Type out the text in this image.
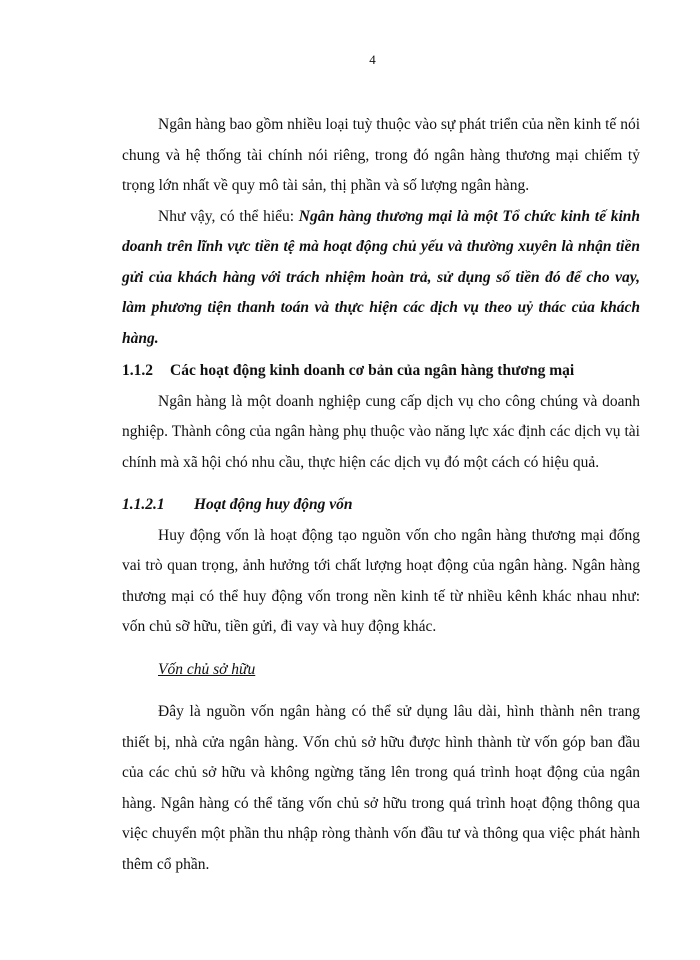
4

Ngân hàng bao gồm nhiều loại tuỳ thuộc vào sự phát triển của nền kinh tế nói chung và hệ thống tài chính nói riêng, trong đó ngân hàng thương mại chiếm tỷ trọng lớn nhất về quy mô tài sản, thị phần và số lượng ngân hàng.

Như vậy, có thể hiểu: Ngân hàng thương mại là một Tổ chức kinh tế kinh doanh trên lĩnh vực tiền tệ mà hoạt động chủ yếu và thường xuyên là nhận tiền gửi của khách hàng với trách nhiệm hoàn trả, sử dụng số tiền đó để cho vay, làm phương tiện thanh toán và thực hiện các dịch vụ theo uỷ thác của khách hàng.

1.1.2 Các hoạt động kinh doanh cơ bản của ngân hàng thương mại

Ngân hàng là một doanh nghiệp cung cấp dịch vụ cho công chúng và doanh nghiệp. Thành công của ngân hàng phụ thuộc vào năng lực xác định các dịch vụ tài chính mà xã hội chó nhu cầu, thực hiện các dịch vụ đó một cách có hiệu quả.

1.1.2.1 Hoạt động huy động vốn

Huy động vốn là hoạt động tạo nguồn vốn cho ngân hàng thương mại đống vai trò quan trọng, ảnh hưởng tới chất lượng hoạt động của ngân hàng. Ngân hàng thương mại có thể huy động vốn trong nền kinh tế từ nhiều kênh khác nhau như: vốn chủ sỡ hữu, tiền gửi, đi vay và huy động khác.

Vốn chủ sở hữu

Đây là nguồn vốn ngân hàng có thể sử dụng lâu dài, hình thành nên trang thiết bị, nhà cửa ngân hàng. Vốn chủ sở hữu được hình thành từ vốn góp ban đầu của các chủ sở hữu và không ngừng tăng lên trong quá trình hoạt động của ngân hàng. Ngân hàng có thể tăng vốn chủ sở hữu trong quá trình hoạt động thông qua việc chuyển một phần thu nhập ròng thành vốn đầu tư và thông qua việc phát hành thêm cổ phần.
